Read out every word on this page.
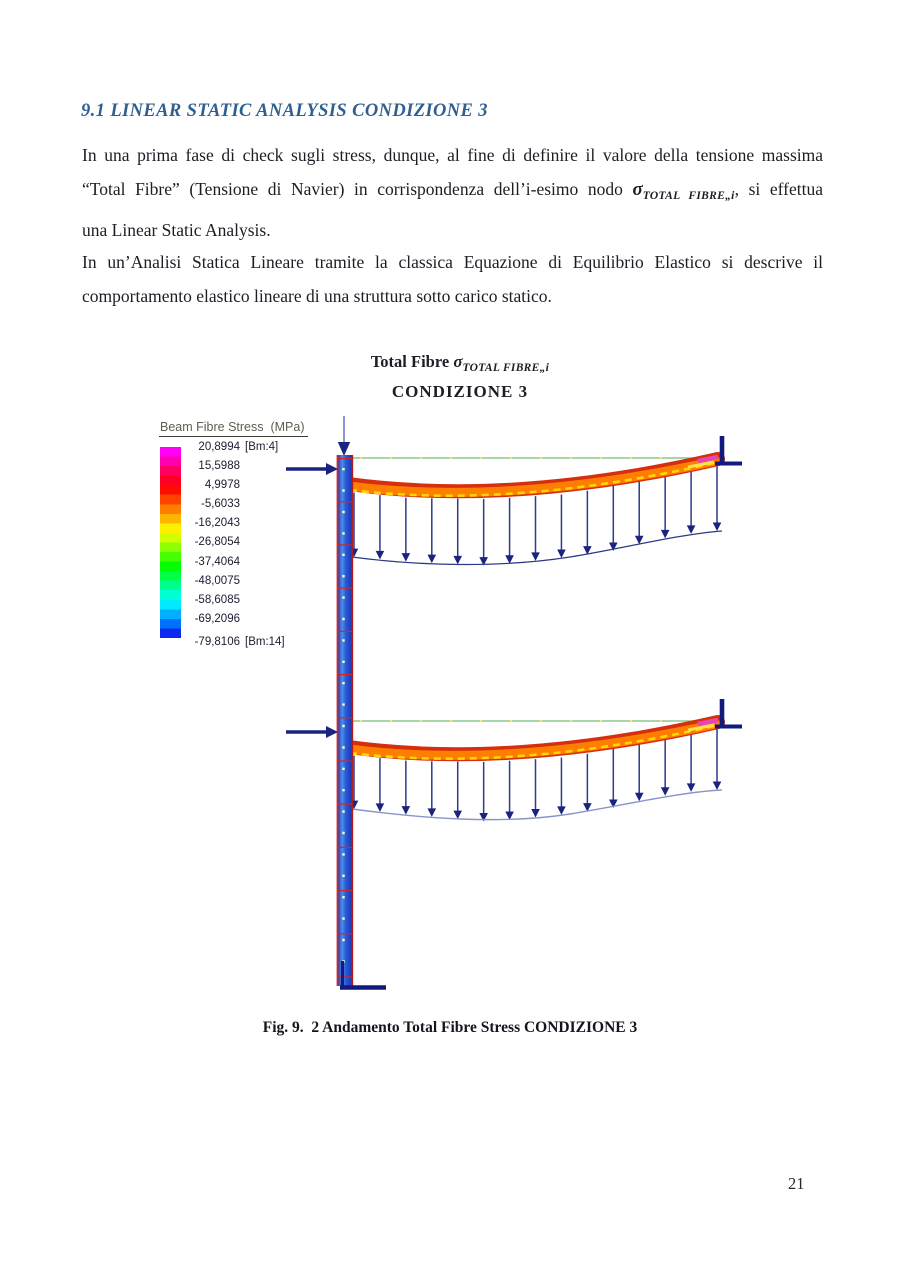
9.1 LINEAR STATIC ANALYSIS CONDIZIONE 3
In una prima fase di check sugli stress, dunque, al fine di definire il valore della tensione massima
“Total Fibre” (Tensione di Navier) in corrispondenza dell’i-esimo nodo $\sigma_{TOTAL FIBRE„i}$, si effettua
una Linear Static Analysis.
In un’Analisi Statica Lineare tramite la classica Equazione di Equilibrio Elastico si descrive il
comportamento elastico lineare di una struttura sotto carico statico.
Total Fibre $\sigma_{TOTAL FIBRE„i}$
CONDIZIONE 3
Beam Fibre Stress  (MPa)
20,8994 [Bm:4]
15,5988
4,9978
-5,6033
-16,2043
-26,8054
-37,4064
-48,0075
-58,6085
-69,2096
-79,8106 [Bm:14]
Fig. 9.  2 Andamento Total Fibre Stress CONDIZIONE 3
21
